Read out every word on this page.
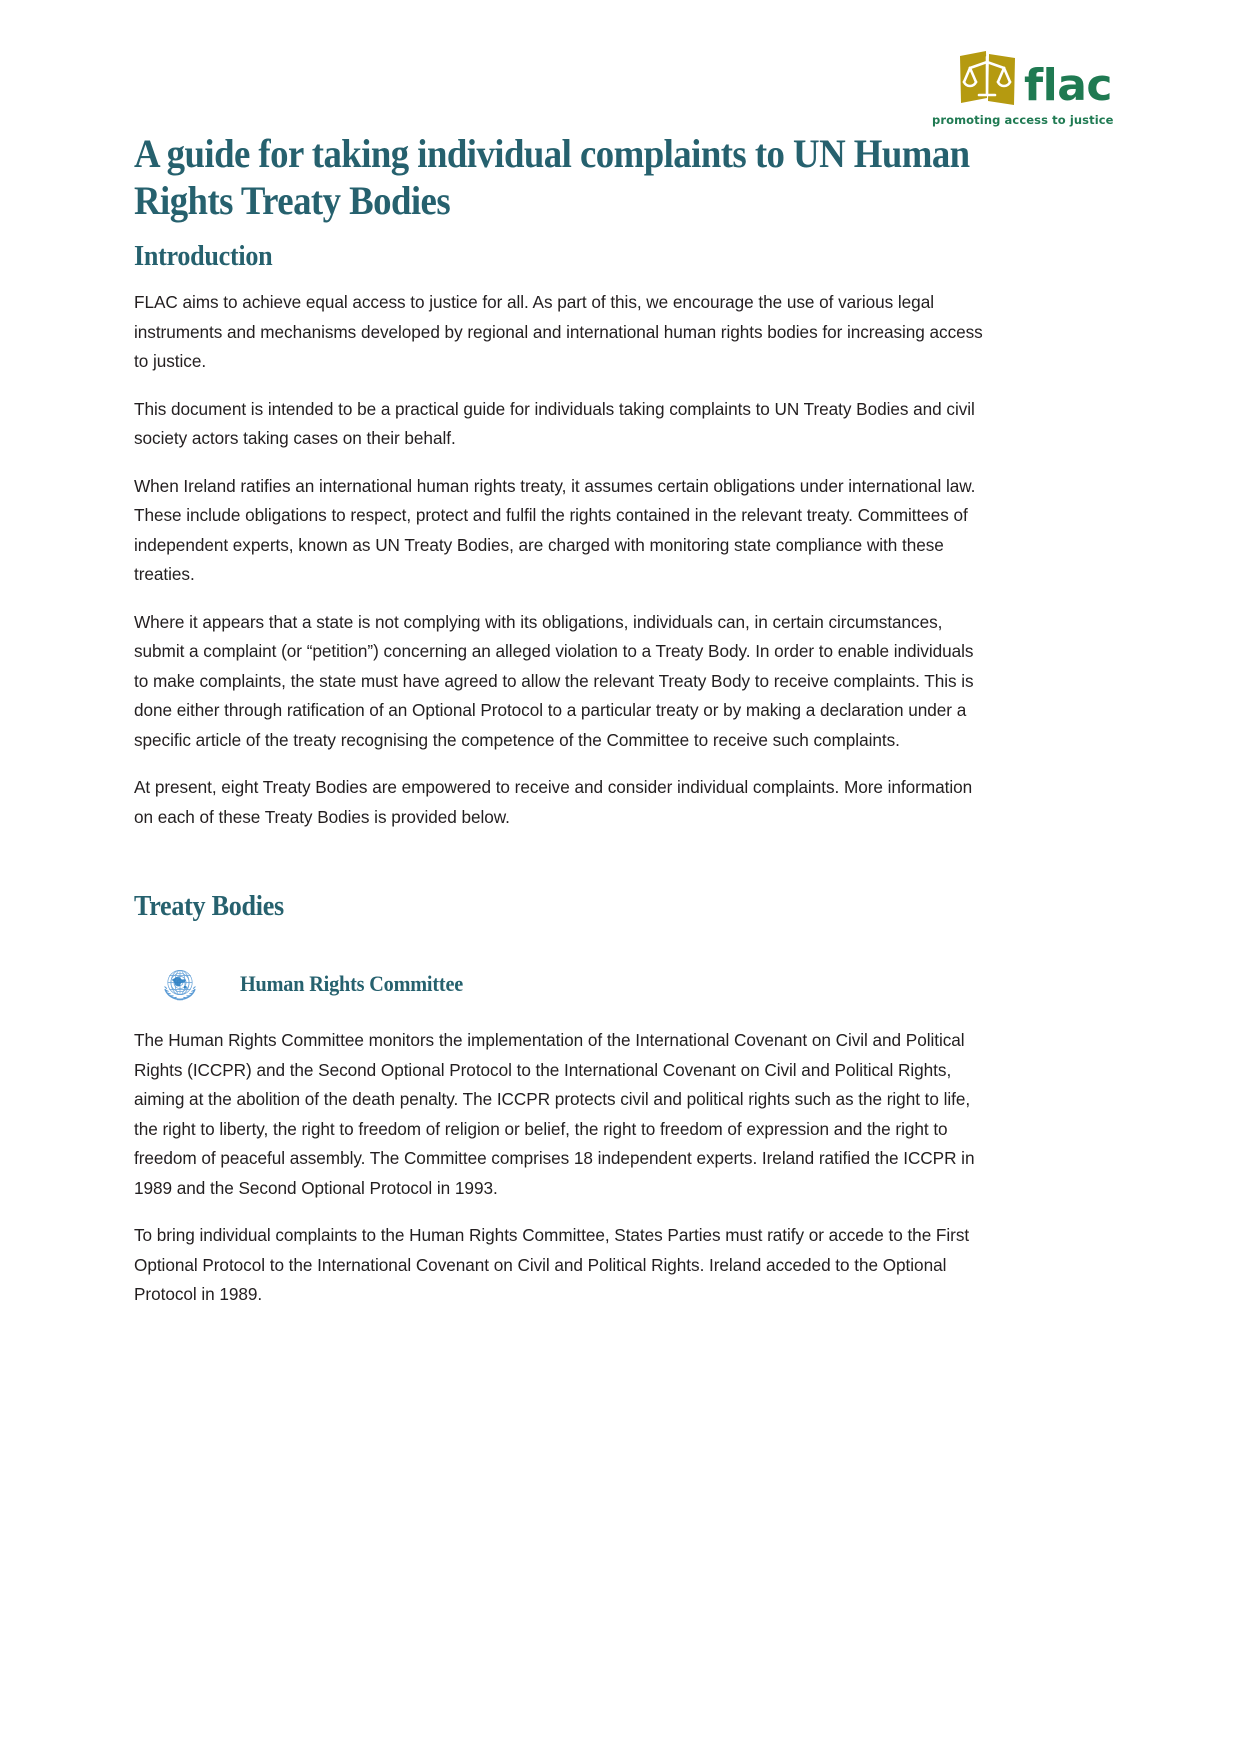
flac
promoting access to justice
A guide for taking individual complaints to UN Human Rights Treaty Bodies
Introduction

FLAC aims to achieve equal access to justice for all. As part of this, we encourage the use of various legal instruments and mechanisms developed by regional and international human rights bodies for increasing access to justice.

This document is intended to be a practical guide for individuals taking complaints to UN Treaty Bodies and civil society actors taking cases on their behalf.

When Ireland ratifies an international human rights treaty, it assumes certain obligations under international law. These include obligations to respect, protect and fulfil the rights contained in the relevant treaty. Committees of independent experts, known as UN Treaty Bodies, are charged with monitoring state compliance with these treaties.

Where it appears that a state is not complying with its obligations, individuals can, in certain circumstances, submit a complaint (or “petition”) concerning an alleged violation to a Treaty Body. In order to enable individuals to make complaints, the state must have agreed to allow the relevant Treaty Body to receive complaints. This is done either through ratification of an Optional Protocol to a particular treaty or by making a declaration under a specific article of the treaty recognising the competence of the Committee to receive such complaints.

At present, eight Treaty Bodies are empowered to receive and consider individual complaints. More information on each of these Treaty Bodies is provided below.

Treaty Bodies
Human Rights Committee

The Human Rights Committee monitors the implementation of the International Covenant on Civil and Political Rights (ICCPR) and the Second Optional Protocol to the International Covenant on Civil and Political Rights, aiming at the abolition of the death penalty. The ICCPR protects civil and political rights such as the right to life, the right to liberty, the right to freedom of religion or belief, the right to freedom of expression and the right to freedom of peaceful assembly. The Committee comprises 18 independent experts. Ireland ratified the ICCPR in 1989 and the Second Optional Protocol in 1993.

To bring individual complaints to the Human Rights Committee, States Parties must ratify or accede to the First Optional Protocol to the International Covenant on Civil and Political Rights. Ireland acceded to the Optional Protocol in 1989.
